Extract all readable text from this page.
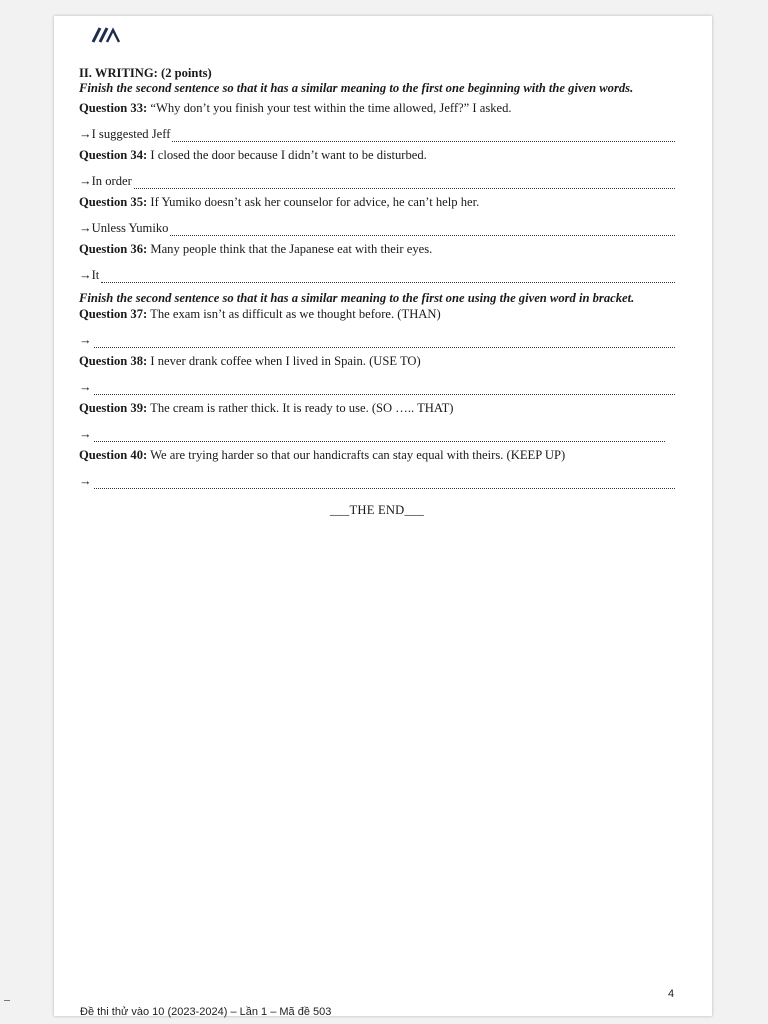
II. WRITING: (2 points)
Finish the second sentence so that it has a similar meaning to the first one beginning with the given words.
Question 33: “Why don’t you finish your test within the time allowed, Jeff?” I asked.
→I suggested Jeff
Question 34: I closed the door because I didn’t want to be disturbed.
→In order
Question 35: If Yumiko doesn’t ask her counselor for advice, he can’t help her.
→Unless Yumiko
Question 36: Many people think that the Japanese eat with their eyes.
→It
Finish the second sentence so that it has a similar meaning to the first one using the given word in bracket.
Question 37: The exam isn’t as difficult as we thought before. (THAN)
→
Question 38: I never drank coffee when I lived in Spain. (USE TO)
→
Question 39: The cream is rather thick. It is ready to use. (SO ….. THAT)
→
Question 40: We are trying harder so that our handicrafts can stay equal with theirs. (KEEP UP)
→
___THE END___
4
Đề thi thử vào 10 (2023-2024) – Lần 1 – Mã đề 503
